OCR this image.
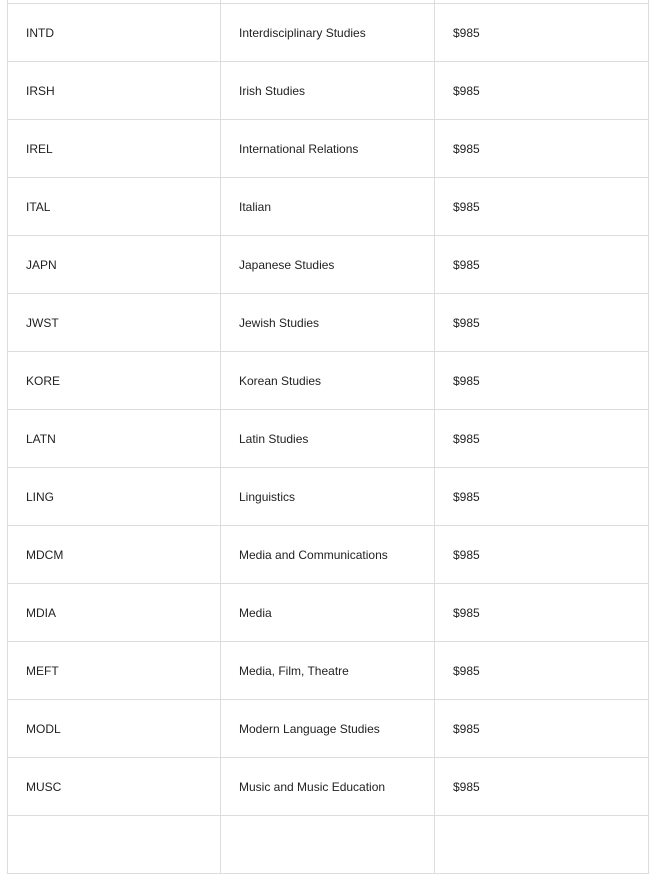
INTD	Interdisciplinary Studies	$985
IRSH	Irish Studies	$985
IREL	International Relations	$985
ITAL	Italian	$985
JAPN	Japanese Studies	$985
JWST	Jewish Studies	$985
KORE	Korean Studies	$985
LATN	Latin Studies	$985
LING	Linguistics	$985
MDCM	Media and Communications	$985
MDIA	Media	$985
MEFT	Media, Film, Theatre	$985
MODL	Modern Language Studies	$985
MUSC	Music and Music Education	$985
